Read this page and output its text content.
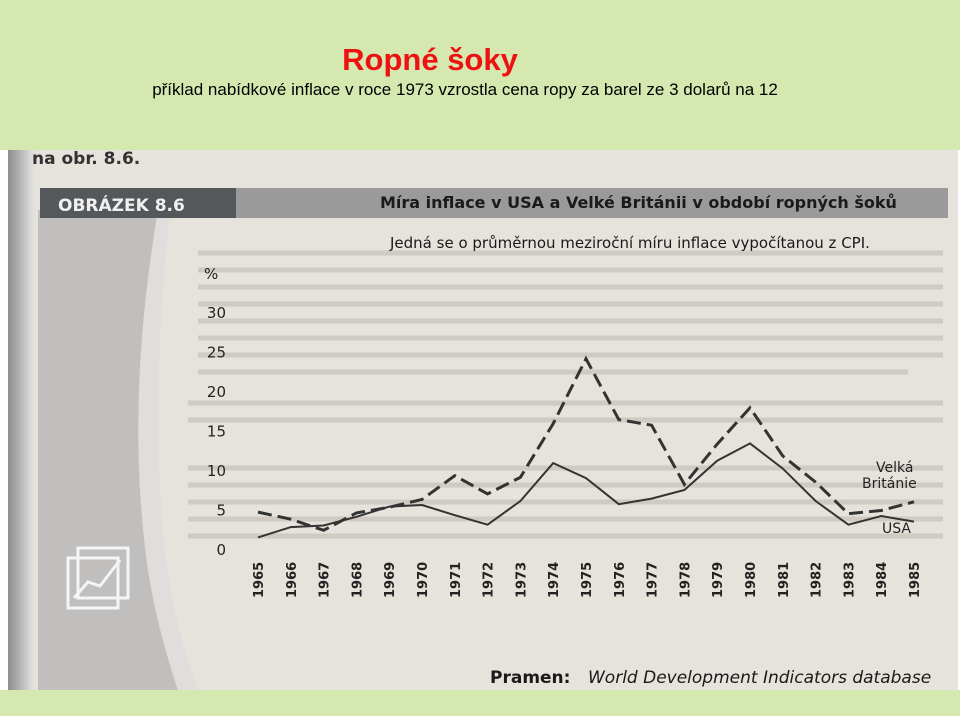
Ropné šoky
příklad nabídkové inflace v roce 1973 vzrostla cena ropy za barel ze 3 dolarů na 12
na obr. 8.6.
OBRÁZEK 8.6	Míra inflace v USA a Velké Británii v období ropných šoků
Jedná se o průměrnou meziroční míru inflace vypočítanou z CPI.
%
0
5
10
15
20
25
30
1965 1966 1967 1968 1969 1970 1971 1972 1973 1974 1975 1976 1977 1978 1979 1980 1981 1982 1983 1984 1985
Velká Británie
USA
Pramen: World Development Indicators database
